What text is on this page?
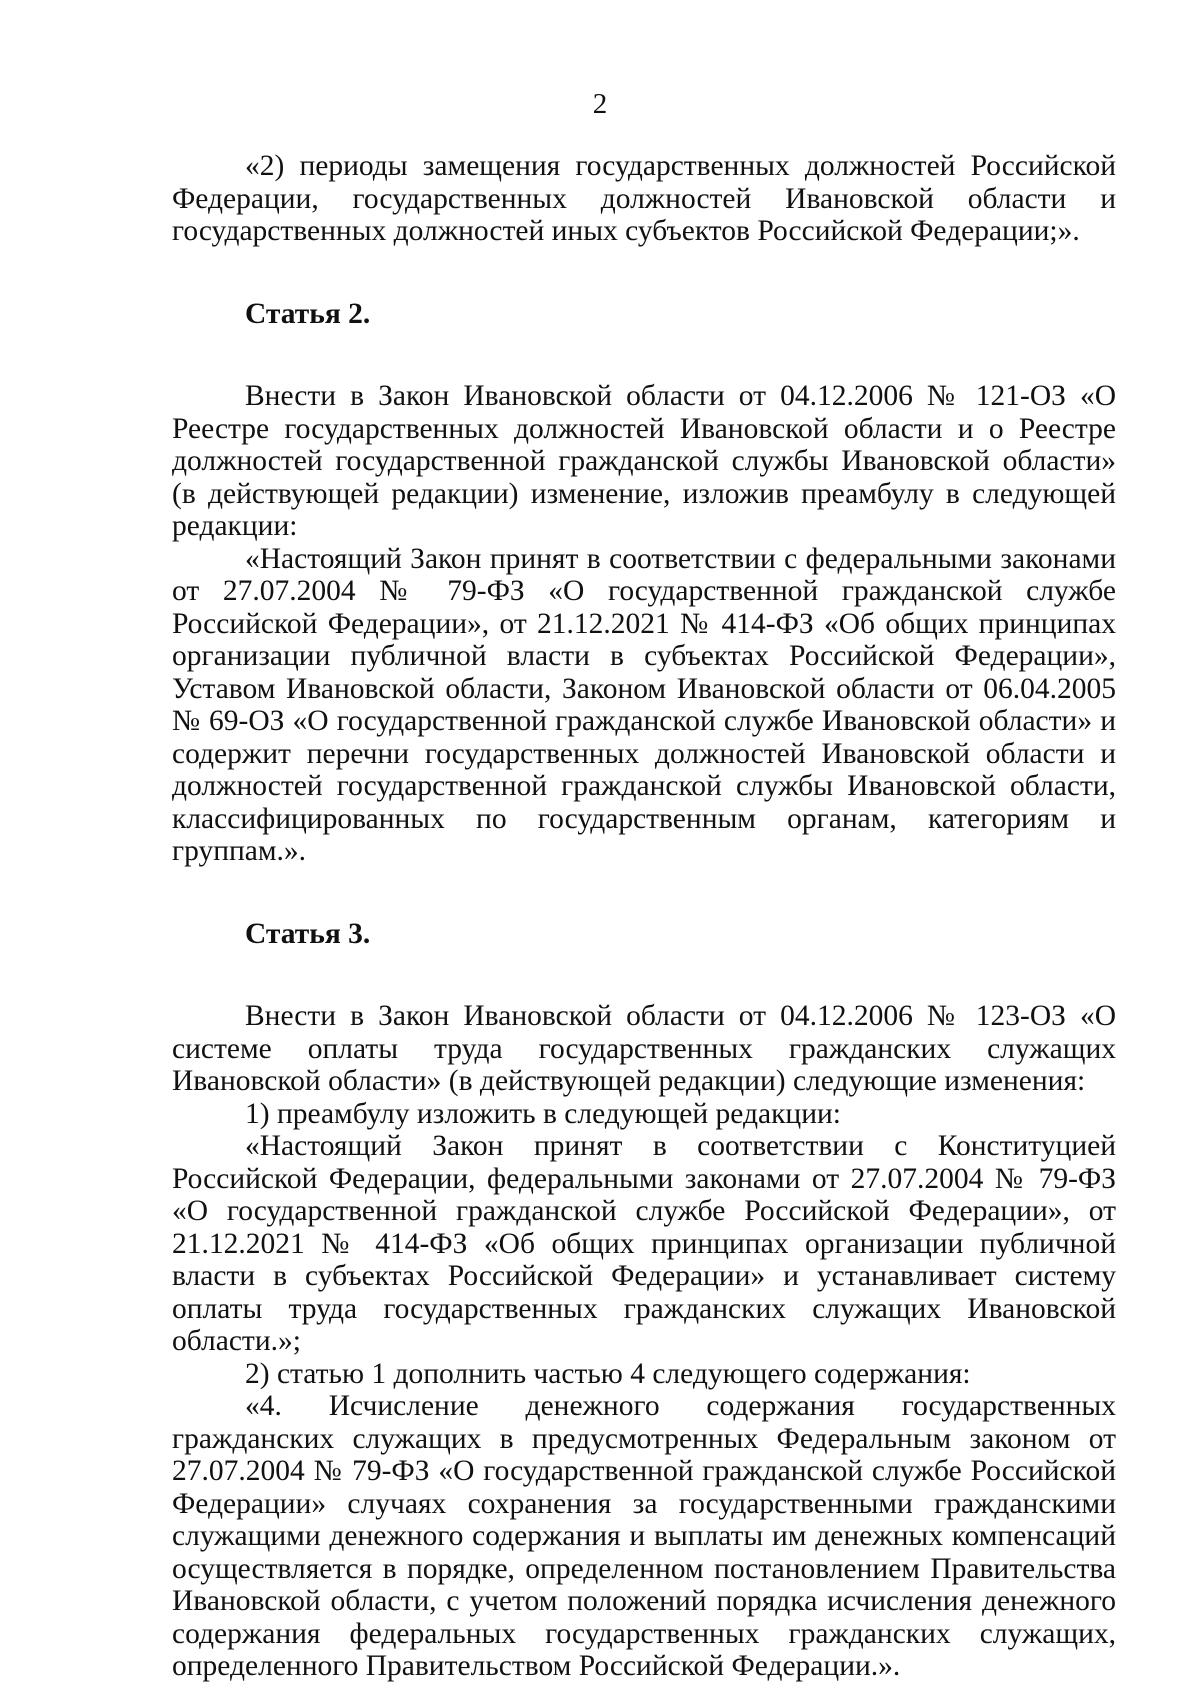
2

«2) периоды замещения государственных должностей Российской Федерации, государственных должностей Ивановской области и государственных должностей иных субъектов Российской Федерации;».

Статья 2.

Внести в Закон Ивановской области от 04.12.2006 № 121-ОЗ «О Реестре государственных должностей Ивановской области и о Реестре должностей государственной гражданской службы Ивановской области» (в действующей редакции) изменение, изложив преамбулу в следующей редакции:

«Настоящий Закон принят в соответствии с федеральными законами от 27.07.2004 № 79-ФЗ «О государственной гражданской службе Российской Федерации», от 21.12.2021 № 414-ФЗ «Об общих принципах организации публичной власти в субъектах Российской Федерации», Уставом Ивановской области, Законом Ивановской области от 06.04.2005 № 69-ОЗ «О государственной гражданской службе Ивановской области» и содержит перечни государственных должностей Ивановской области и должностей государственной гражданской службы Ивановской области, классифицированных по государственным органам, категориям и группам.».

Статья 3.

Внести в Закон Ивановской области от 04.12.2006 № 123-ОЗ «О системе оплаты труда государственных гражданских служащих Ивановской области» (в действующей редакции) следующие изменения:

1) преамбулу изложить в следующей редакции:

«Настоящий Закон принят в соответствии с Конституцией Российской Федерации, федеральными законами от 27.07.2004 № 79-ФЗ «О государственной гражданской службе Российской Федерации», от 21.12.2021 № 414-ФЗ «Об общих принципах организации публичной власти в субъектах Российской Федерации» и устанавливает систему оплаты труда государственных гражданских служащих Ивановской области.»;

2) статью 1 дополнить частью 4 следующего содержания:

«4. Исчисление денежного содержания государственных гражданских служащих в предусмотренных Федеральным законом от 27.07.2004 № 79-ФЗ «О государственной гражданской службе Российской Федерации» случаях сохранения за государственными гражданскими служащими денежного содержания и выплаты им денежных компенсаций осуществляется в порядке, определенном постановлением Правительства Ивановской области, с учетом положений порядка исчисления денежного содержания федеральных государственных гражданских служащих, определенного Правительством Российской Федерации.».
